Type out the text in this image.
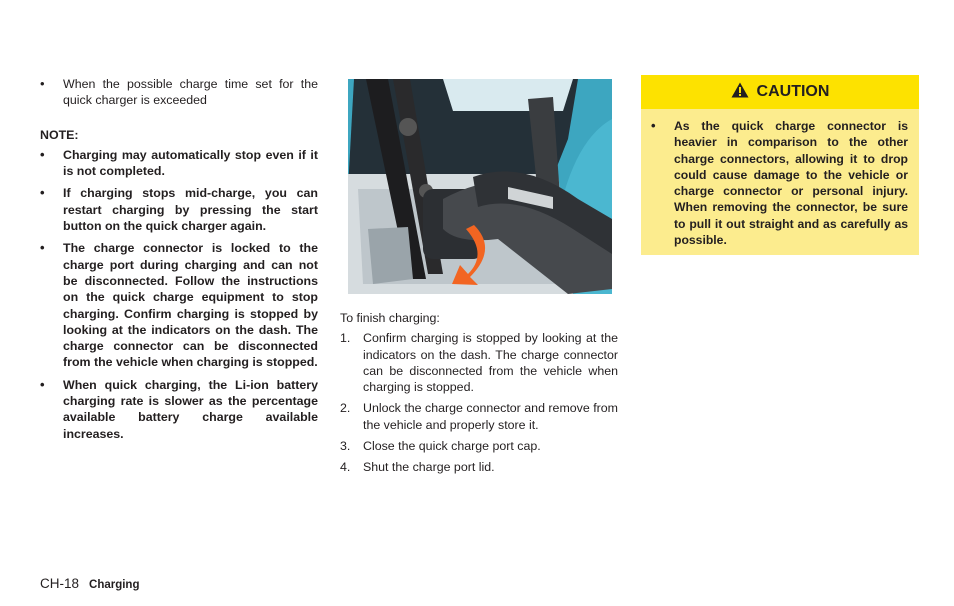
• When the possible charge time set for the quick charger is exceeded
NOTE:
• Charging may automatically stop even if it is not completed.
• If charging stops mid-charge, you can restart charging by pressing the start button on the quick charger again.
• The charge connector is locked to the charge port during charging and can not be disconnected. Follow the instructions on the quick charge equipment to stop charging. Confirm charging is stopped by looking at the indicators on the dash. The charge connector can be disconnected from the vehicle when charging is stopped.
• When quick charging, the Li-ion battery charging rate is slower as the percentage available battery charge available increases.
To finish charging:
1. Confirm charging is stopped by looking at the indicators on the dash. The charge connector can be disconnected from the vehicle when charging is stopped.
2. Unlock the charge connector and remove from the vehicle and properly store it.
3. Close the quick charge port cap.
4. Shut the charge port lid.
CAUTION
• As the quick charge connector is heavier in comparison to the other charge connectors, allowing it to drop could cause damage to the vehicle or charge connector or personal injury. When removing the connector, be sure to pull it out straight and as carefully as possible.
CH-18 Charging
